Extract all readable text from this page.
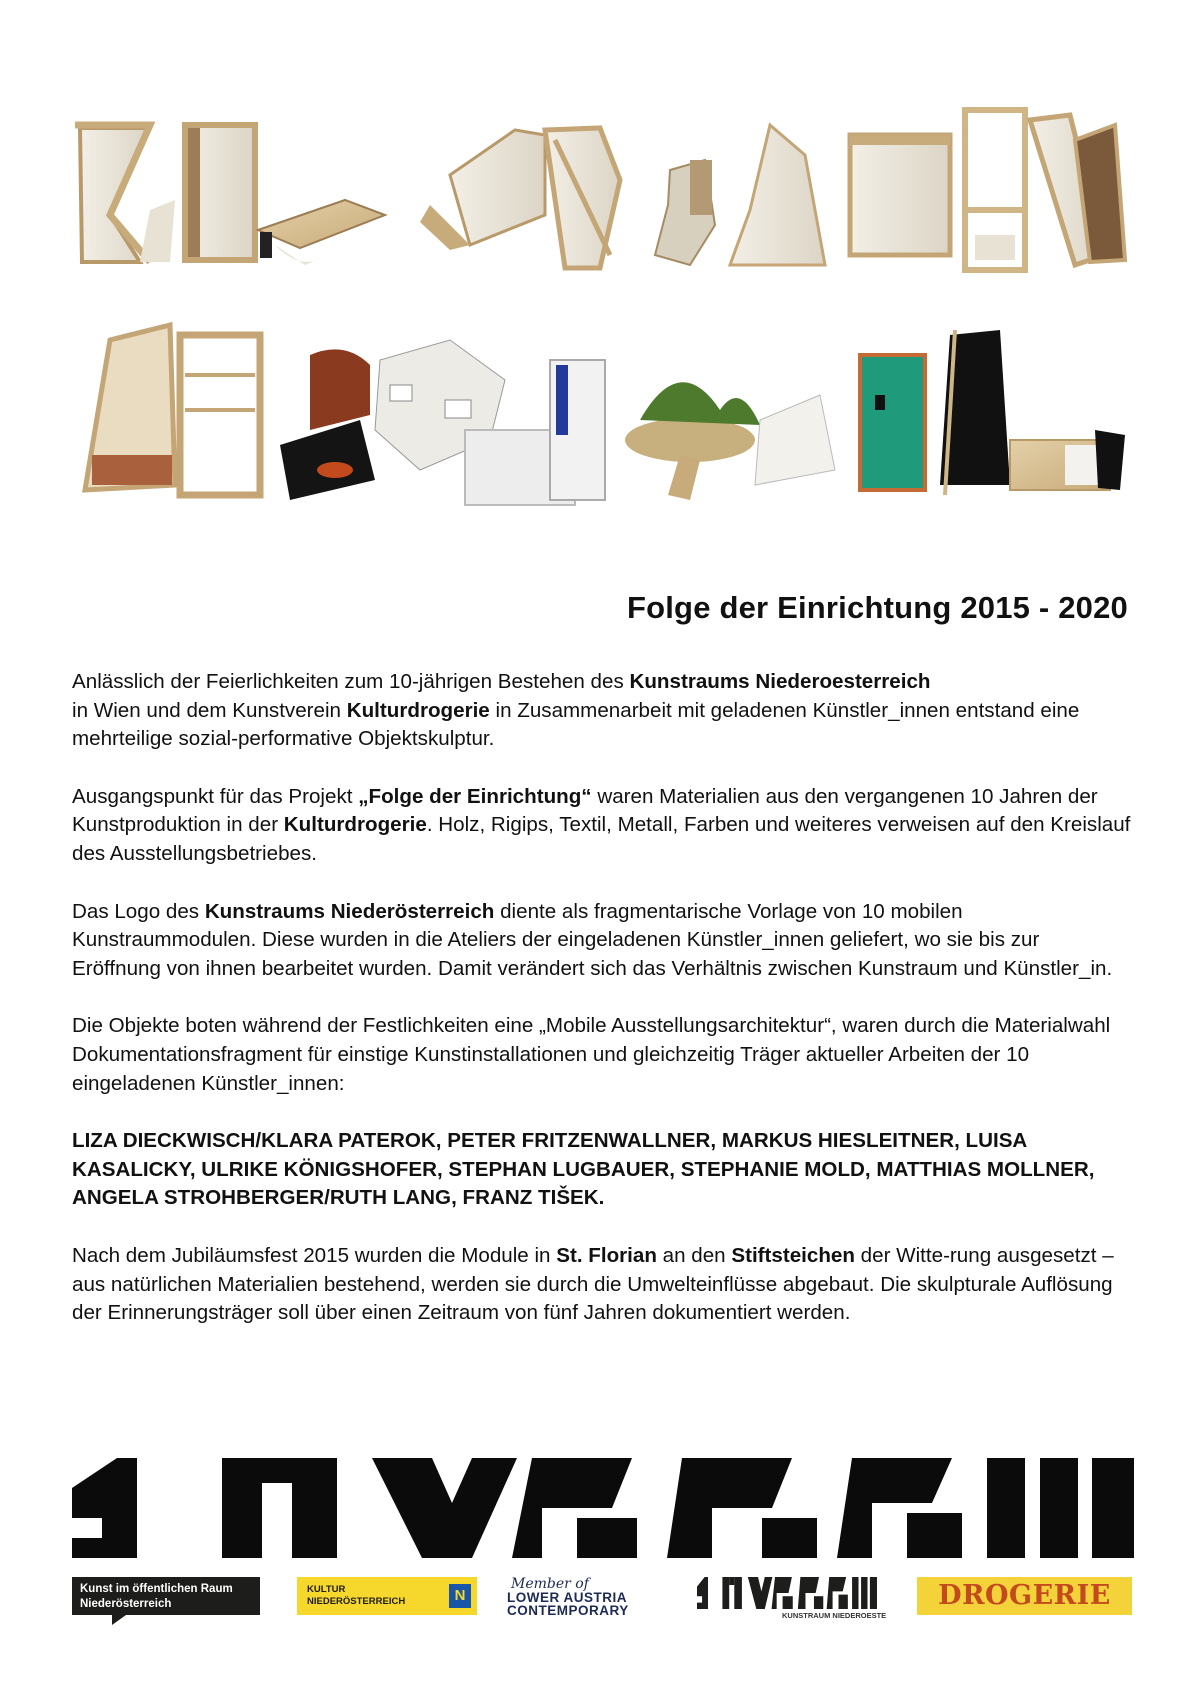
Folge der Einrichtung 2015 - 2020

Anlässlich der Feierlichkeiten zum 10-jährigen Bestehen des Kunstraums Niederoesterreich
in Wien und dem Kunstverein Kulturdrogerie in Zusammenarbeit mit geladenen Künstler_innen entstand eine mehrteilige sozial-performative Objektskulptur.

Ausgangspunkt für das Projekt „Folge der Einrichtung“ waren Materialien aus den vergangenen 10 Jahren der Kunstproduktion in der Kulturdrogerie. Holz, Rigips, Textil, Metall, Farben und weiteres verweisen auf den Kreislauf des Ausstellungsbetriebes.

Das Logo des Kunstraums Niederösterreich diente als fragmentarische Vorlage von 10 mobilen Kunstraummodulen. Diese wurden in die Ateliers der eingeladenen Künstler_innen geliefert, wo sie bis zur Eröffnung von ihnen bearbeitet wurden. Damit verändert sich das Verhältnis zwischen Kunstraum und Künstler_in.

Die Objekte boten während der Festlichkeiten eine „Mobile Ausstellungsarchitektur“, waren durch die Materialwahl Dokumentationsfragment für einstige Kunstinstallationen und gleichzeitig Träger aktueller Arbeiten der 10 eingeladenen Künstler_innen:

LIZA DIECKWISCH/KLARA PATEROK, PETER FRITZENWALLNER, MARKUS HIESLEITNER, LUISA KASALICKY, ULRIKE KÖNIGSHOFER, STEPHAN LUGBAUER, STEPHANIE MOLD, MATTHIAS MOLLNER, ANGELA STROHBERGER/RUTH LANG, FRANZ TIŠEK.

Nach dem Jubiläumsfest 2015 wurden die Module in St. Florian an den Stiftsteichen der Witte-rung ausgesetzt – aus natürlichen Materialien bestehend, werden sie durch die Umwelteinflüsse abgebaut. Die skulpturale Auflösung der Erinnerungsträger soll über einen Zeitraum von fünf Jahren dokumentiert werden.

Kunst im öffentlichen Raum
Niederösterreich
KULTUR
NIEDERÖSTERREICH	N
Member of
LOWER AUSTRIA
CONTEMPORARY	KUNSTRAUM NIEDEROESTE
DROGERIE
